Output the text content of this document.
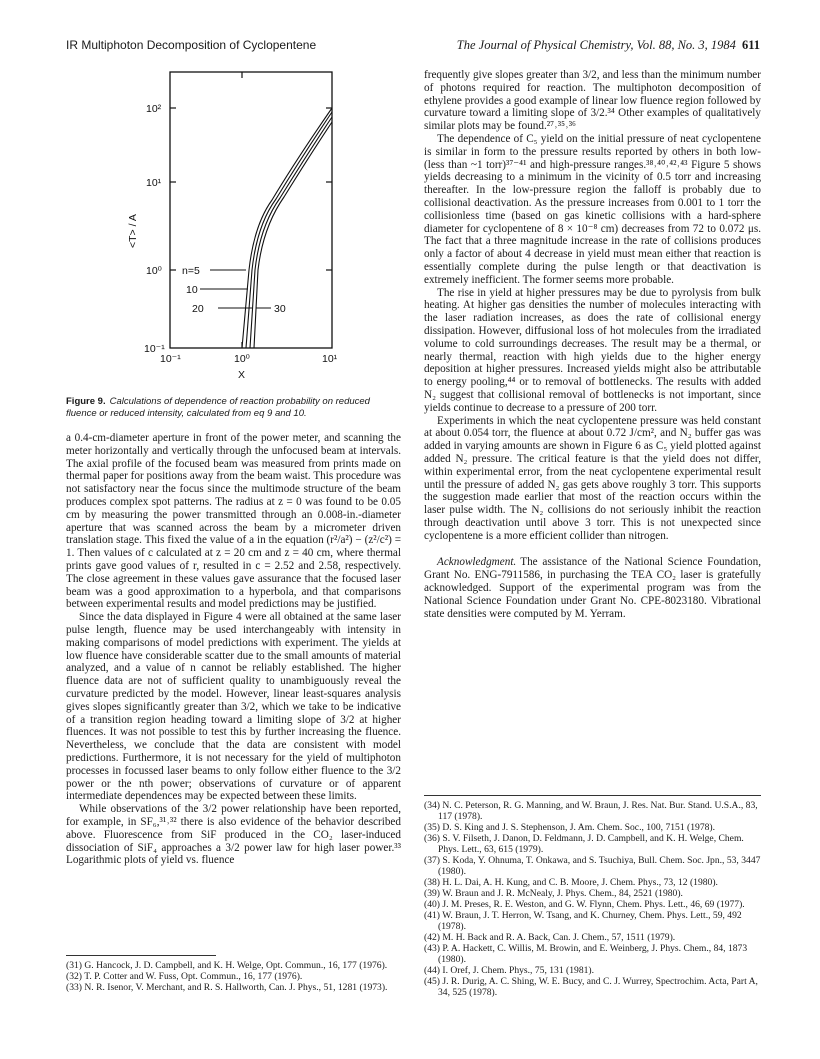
IR Multiphoton Decomposition of Cyclopentene	The Journal of Physical Chemistry, Vol. 88, No. 3, 1984 611
n=5
10
20	30
10²
10¹
10⁰
10⁻¹
10⁻¹	10⁰	10¹
X
<T> / A
Figure 9. Calculations of dependence of reaction probability on reduced fluence or reduced intensity, calculated from eq 9 and 10.

a 0.4-cm-diameter aperture in front of the power meter, and scanning the meter horizontally and vertically through the unfocused beam at intervals. The axial profile of the focused beam was measured from prints made on thermal paper for positions away from the beam waist. This procedure was not satisfactory near the focus since the multimode structure of the beam produces complex spot patterns. The radius at z = 0 was found to be 0.05 cm by measuring the power transmitted through an 0.008-in.-diameter aperture that was scanned across the beam by a micrometer driven translation stage. This fixed the value of a in the equation (r²/a²) − (z²/c²) = 1. Then values of c calculated at z = 20 cm and z = 40 cm, where thermal prints gave good values of r, resulted in c = 2.52 and 2.58, respectively. The close agreement in these values gave assurance that the focused laser beam was a good approximation to a hyperbola, and that comparisons between experimental results and model predictions may be justified.

Since the data displayed in Figure 4 were all obtained at the same laser pulse length, fluence may be used interchangeably with intensity in making comparisons of model predictions with experiment. The yields at low fluence have considerable scatter due to the small amounts of material analyzed, and a value of n cannot be reliably established. The higher fluence data are not of sufficient quality to unambiguously reveal the curvature predicted by the model. However, linear least-squares analysis gives slopes significantly greater than 3/2, which we take to be indicative of a transition region heading toward a limiting slope of 3/2 at higher fluences. It was not possible to test this by further increasing the fluence. Nevertheless, we conclude that the data are consistent with model predictions. Furthermore, it is not necessary for the yield of multiphoton processes in focussed laser beams to only follow either fluence to the 3/2 power or the nth power; observations of curvature or of apparent intermediate dependences may be expected between these limits.

While observations of the 3/2 power relationship have been reported, for example, in SF₆,³¹˒³² there is also evidence of the behavior described above. Fluorescence from SiF produced in the CO₂ laser-induced dissociation of SiF₄ approaches a 3/2 power law for high laser power.³³ Logarithmic plots of yield vs. fluence

(31) G. Hancock, J. D. Campbell, and K. H. Welge, Opt. Commun., 16, 177 (1976).
(32) T. P. Cotter and W. Fuss, Opt. Commun., 16, 177 (1976).
(33) N. R. Isenor, V. Merchant, and R. S. Hallworth, Can. J. Phys., 51, 1281 (1973).

frequently give slopes greater than 3/2, and less than the minimum number of photons required for reaction. The multiphoton decomposition of ethylene provides a good example of linear low fluence region followed by curvature toward a limiting slope of 3/2.³⁴ Other examples of qualitatively similar plots may be found.²⁷˒³⁵˒³⁶

The dependence of C₅ yield on the initial pressure of neat cyclopentene is similar in form to the pressure results reported by others in both low- (less than ~1 torr)³⁷⁻⁴¹ and high-pressure ranges.³⁸˒⁴⁰˒⁴²˒⁴³ Figure 5 shows yields decreasing to a minimum in the vicinity of 0.5 torr and increasing thereafter. In the low-pressure region the falloff is probably due to collisional deactivation. As the pressure increases from 0.001 to 1 torr the collisionless time (based on gas kinetic collisions with a hard-sphere diameter for cyclopentene of 8 × 10⁻⁸ cm) decreases from 72 to 0.072 μs. The fact that a three magnitude increase in the rate of collisions produces only a factor of about 4 decrease in yield must mean either that reaction is essentially complete during the pulse length or that deactivation is extremely inefficient. The former seems more probable.

The rise in yield at higher pressures may be due to pyrolysis from bulk heating. At higher gas densities the number of molecules interacting with the laser radiation increases, as does the rate of collisional energy dissipation. However, diffusional loss of hot molecules from the irradiated volume to cold surroundings decreases. The result may be a thermal, or nearly thermal, reaction with high yields due to the higher energy deposition at higher pressures. Increased yields might also be attributable to energy pooling,⁴⁴ or to removal of bottlenecks. The results with added N₂ suggest that collisional removal of bottlenecks is not important, since yields continue to decrease to a pressure of 200 torr.

Experiments in which the neat cyclopentene pressure was held constant at about 0.054 torr, the fluence at about 0.72 J/cm², and N₂ buffer gas was added in varying amounts are shown in Figure 6 as C₅ yield plotted against added N₂ pressure. The critical feature is that the yield does not differ, within experimental error, from the neat cyclopentene experimental result until the pressure of added N₂ gas gets above roughly 3 torr. This supports the suggestion made earlier that most of the reaction occurs within the laser pulse width. The N₂ collisions do not seriously inhibit the reaction through deactivation until above 3 torr. This is not unexpected since cyclopentene is a more efficient collider than nitrogen.

Acknowledgment. The assistance of the National Science Foundation, Grant No. ENG-7911586, in purchasing the TEA CO₂ laser is gratefully acknowledged. Support of the experimental program was from the National Science Foundation under Grant No. CPE-8023180. Vibrational state densities were computed by M. Yerram.

(34) N. C. Peterson, R. G. Manning, and W. Braun, J. Res. Nat. Bur. Stand. U.S.A., 83, 117 (1978).
(35) D. S. King and J. S. Stephenson, J. Am. Chem. Soc., 100, 7151 (1978).
(36) S. V. Filseth, J. Danon, D. Feldmann, J. D. Campbell, and K. H. Welge, Chem. Phys. Lett., 63, 615 (1979).
(37) S. Koda, Y. Ohnuma, T. Onkawa, and S. Tsuchiya, Bull. Chem. Soc. Jpn., 53, 3447 (1980).
(38) H. L. Dai, A. H. Kung, and C. B. Moore, J. Chem. Phys., 73, 12 (1980).
(39) W. Braun and J. R. McNealy, J. Phys. Chem., 84, 2521 (1980).
(40) J. M. Preses, R. E. Weston, and G. W. Flynn, Chem. Phys. Lett., 46, 69 (1977).
(41) W. Braun, J. T. Herron, W. Tsang, and K. Churney, Chem. Phys. Lett., 59, 492 (1978).
(42) M. H. Back and R. A. Back, Can. J. Chem., 57, 1511 (1979).
(43) P. A. Hackett, C. Willis, M. Browin, and E. Weinberg, J. Phys. Chem., 84, 1873 (1980).
(44) I. Oref, J. Chem. Phys., 75, 131 (1981).
(45) J. R. Durig, A. C. Shing, W. E. Bucy, and C. J. Wurrey, Spectrochim. Acta, Part A, 34, 525 (1978).
